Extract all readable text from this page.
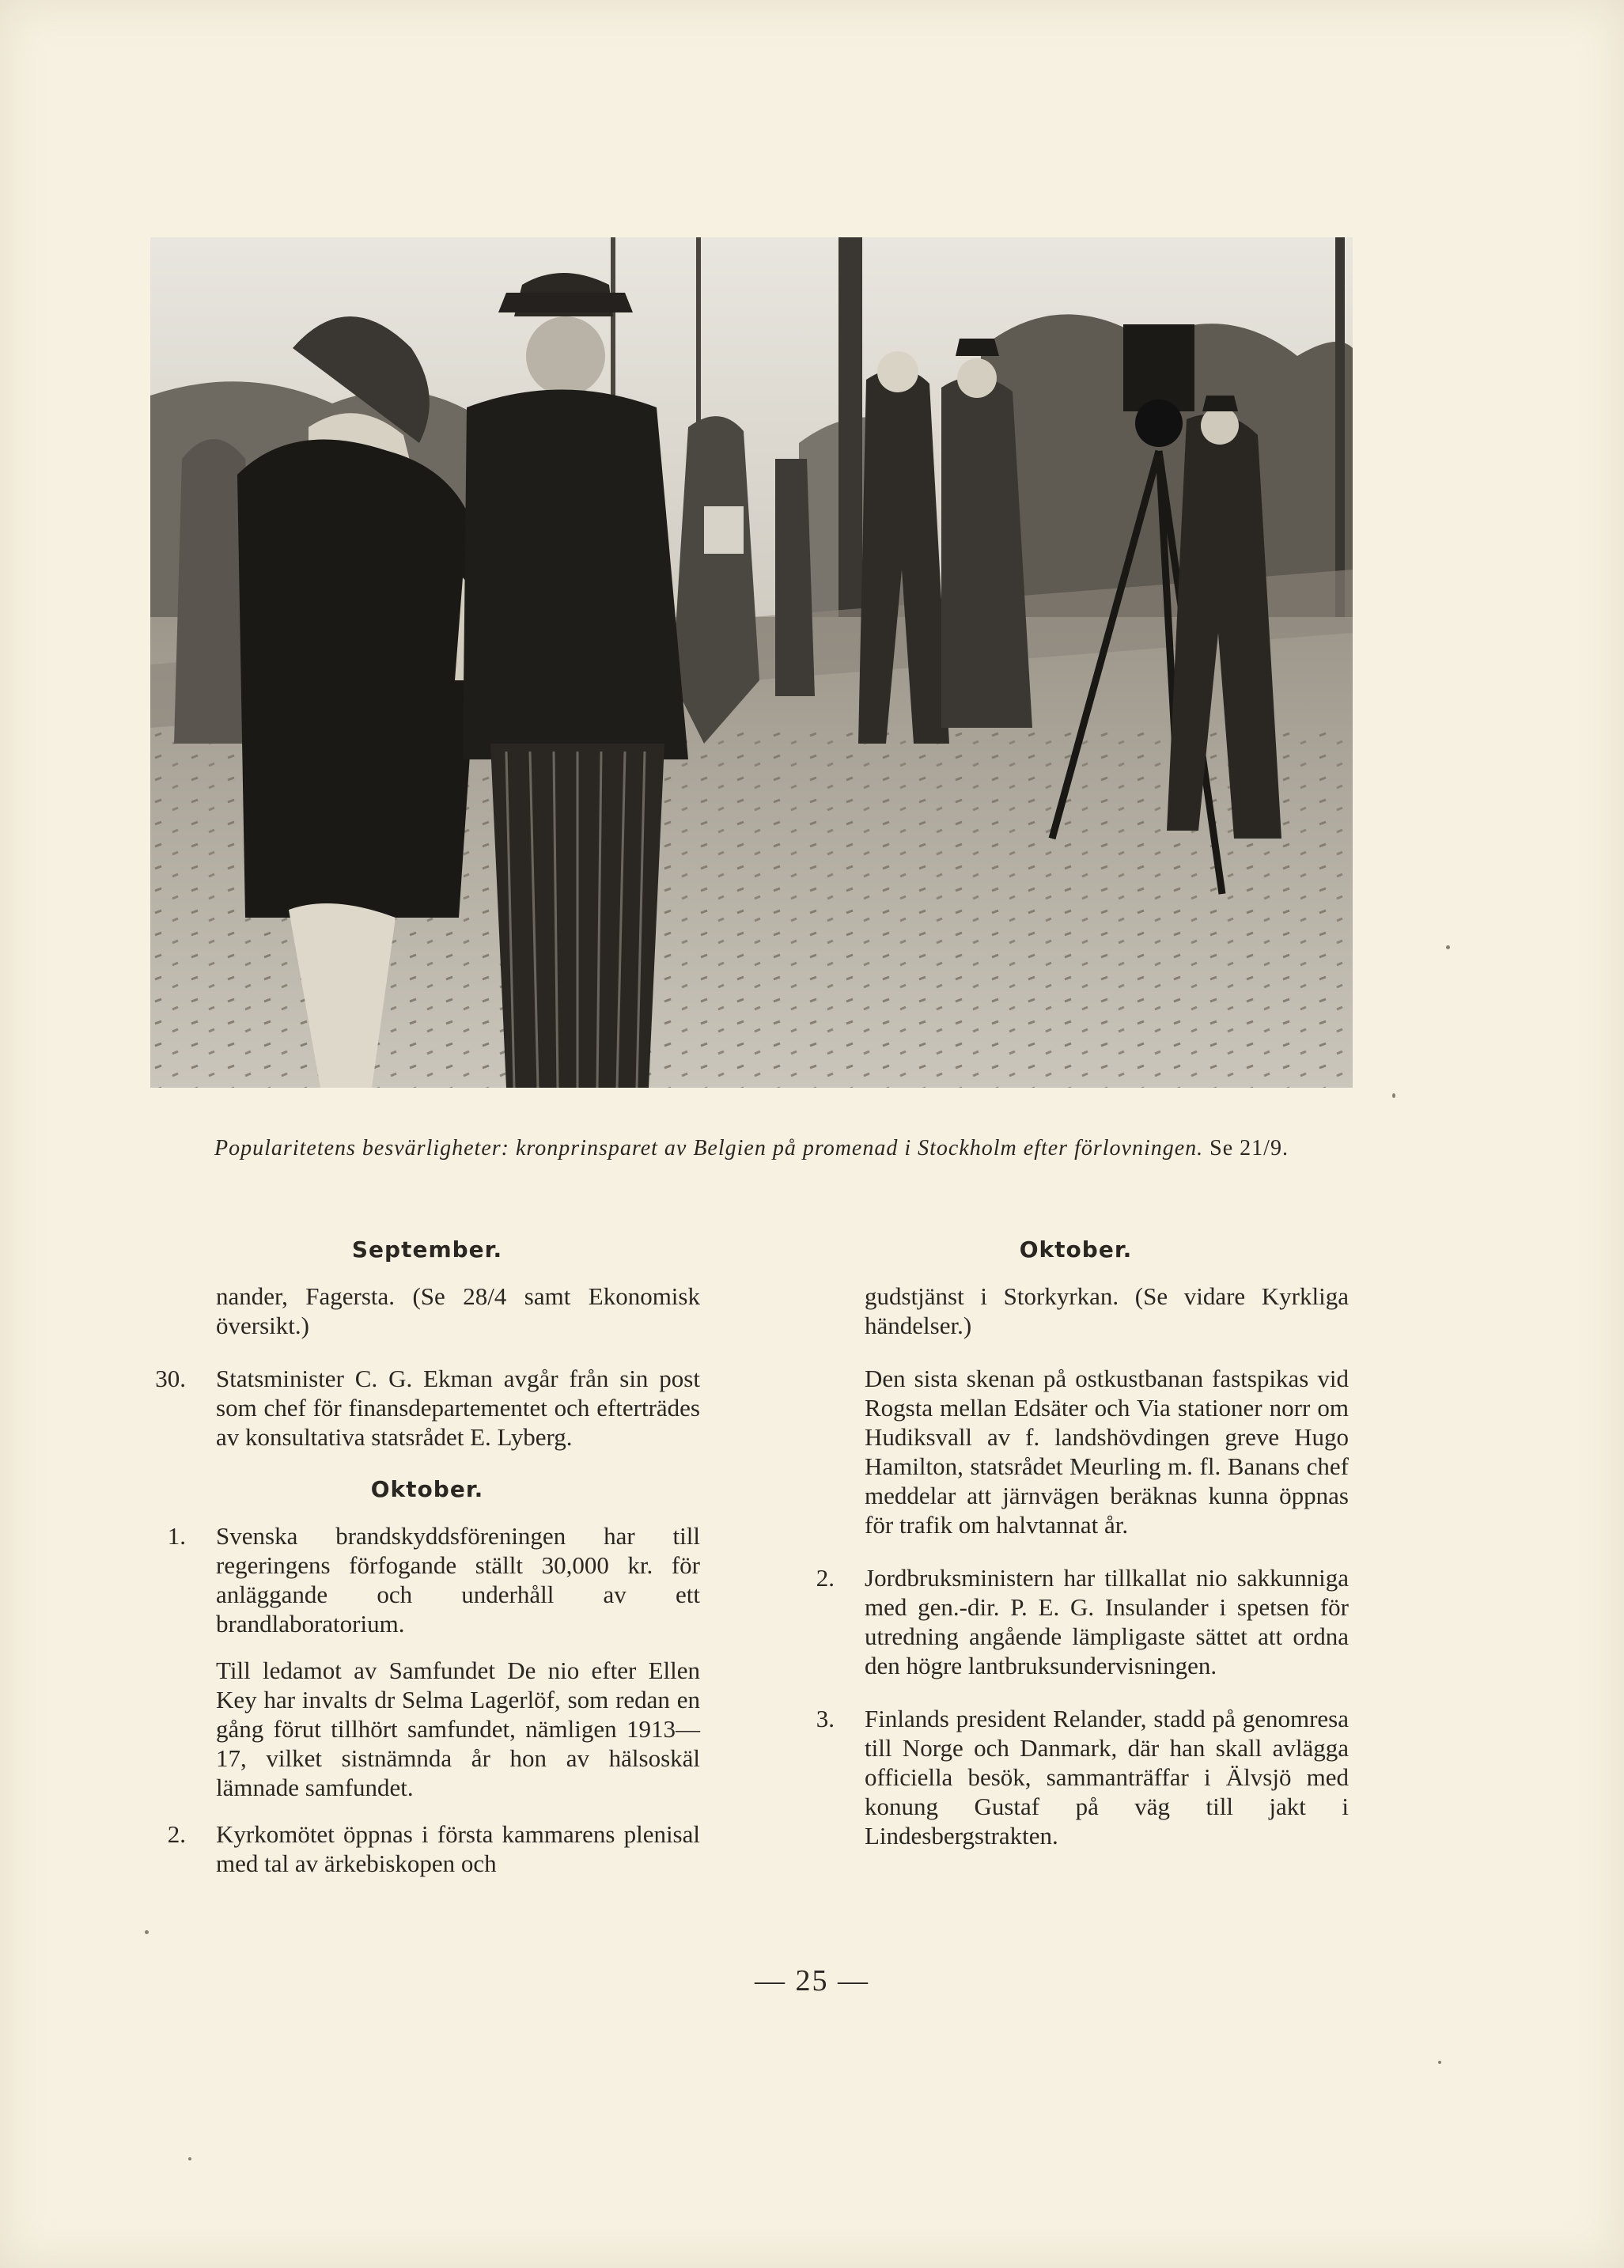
Popularitetens besvärligheter: kronprinsparet av Belgien på promenad i Stockholm efter förlovningen. Se 21/9.
September.

nander, Fagersta. (Se 28/4 samt Ekonomisk översikt.)

30. Statsminister C. G. Ekman avgår från sin post som chef för finansdepartementet och efterträdes av konsultativa statsrådet E. Lyberg.

Oktober.

1. Svenska brandskyddsföreningen har till regeringens förfogande ställt 30,000 kr. för anläggande och underhåll av ett brandlaboratorium.

Till ledamot av Samfundet De nio efter Ellen Key har invalts dr Selma Lagerlöf, som redan en gång förut tillhört samfundet, nämligen 1913—17, vilket sistnämnda år hon av hälsoskäl lämnade samfundet.

2. Kyrkomötet öppnas i första kammarens plenisal med tal av ärkebiskopen och

Oktober.

gudstjänst i Storkyrkan. (Se vidare Kyrkliga händelser.)

Den sista skenan på ostkustbanan fastspikas vid Rogsta mellan Edsäter och Via stationer norr om Hudiksvall av f. landshövdingen greve Hugo Hamilton, statsrådet Meurling m. fl. Banans chef meddelar att järnvägen beräknas kunna öppnas för trafik om halvtannat år.

2. Jordbruksministern har tillkallat nio sakkunniga med gen.-dir. P. E. G. Insulander i spetsen för utredning angående lämpligaste sättet att ordna den högre lantbruksundervisningen.

3. Finlands president Relander, stadd på genomresa till Norge och Danmark, där han skall avlägga officiella besök, sammanträffar i Älvsjö med konung Gustaf på väg till jakt i Lindesbergstrakten.

— 25 —
